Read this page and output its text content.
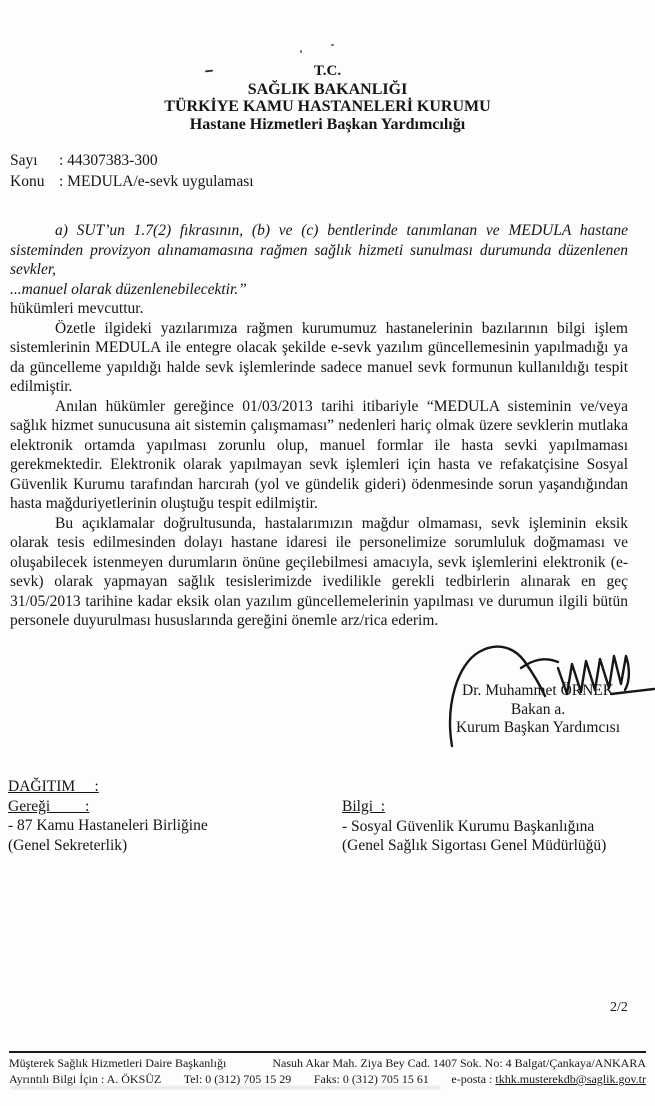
T.C.
SAĞLIK BAKANLIĞI
TÜRKİYE KAMU HASTANELERİ KURUMU
Hastane Hizmetleri Başkan Yardımcılığı
Sayı	: 44307383-300
Konu : MEDULA/e-sevk uygulaması

a) SUT’un 1.7(2) fıkrasının, (b) ve (c) bentlerinde tanımlanan ve MEDULA hastane sisteminden provizyon alınamamasına rağmen sağlık hizmeti sunulması durumunda düzenlenen sevkler,

...manuel olarak düzenlenebilecektir.”

hükümleri mevcuttur.

Özetle ilgideki yazılarımıza rağmen kurumumuz hastanelerinin bazılarının bilgi işlem sistemlerinin MEDULA ile entegre olacak şekilde e-sevk yazılım güncellemesinin yapılmadığı ya da güncelleme yapıldığı halde sevk işlemlerinde sadece manuel sevk formunun kullanıldığı tespit edilmiştir.

Anılan hükümler gereğince 01/03/2013 tarihi itibariyle “MEDULA sisteminin ve/veya sağlık hizmet sunucusuna ait sistemin çalışmaması” nedenleri hariç olmak üzere sevklerin mutlaka elektronik ortamda yapılması zorunlu olup, manuel formlar ile hasta sevki yapılmaması gerekmektedir. Elektronik olarak yapılmayan sevk işlemleri için hasta ve refakatçisine Sosyal Güvenlik Kurumu tarafından harcırah (yol ve gündelik gideri) ödenmesinde sorun yaşandığından hasta mağduriyetlerinin oluştuğu tespit edilmiştir.

Bu açıklamalar doğrultusunda, hastalarımızın mağdur olmaması, sevk işleminin eksik olarak tesis edilmesinden dolayı hastane idaresi ile personelimize sorumluluk doğmaması ve oluşabilecek istenmeyen durumların önüne geçilebilmesi amacıyla, sevk işlemlerini elektronik (e-sevk) olarak yapmayan sağlık tesislerimizde ivedilikle gerekli tedbirlerin alınarak en geç 31/05/2013 tarihine kadar eksik olan yazılım güncellemelerinin yapılması ve durumun ilgili bütün personele duyurulması hususlarında gereğini önemle arz/rica ederim.

Dr. Muhammet ÖRNEK
Bakan a.
Kurum Başkan Yardımcısı
DAĞITIM     :
Gereği         :
- 87 Kamu Hastaneleri Birliğine
(Genel Sekreterlik)
Bilgi  :
- Sosyal Güvenlik Kurumu Başkanlığına
(Genel Sağlık Sigortası Genel Müdürlüğü)
2/2
Müşterek Sağlık Hizmetleri Daire Başkanlığı	Nasuh Akar Mah. Ziya Bey Cad. 1407 Sok. No: 4 Balgat/Çankaya/ANKARA
Ayrıntılı Bilgi İçin : A. ÖKSÜZ Tel: 0 (312) 705 15 29 Faks: 0 (312) 705 15 61 e-posta : tkhk.musterekdb@saglik.gov.tr
